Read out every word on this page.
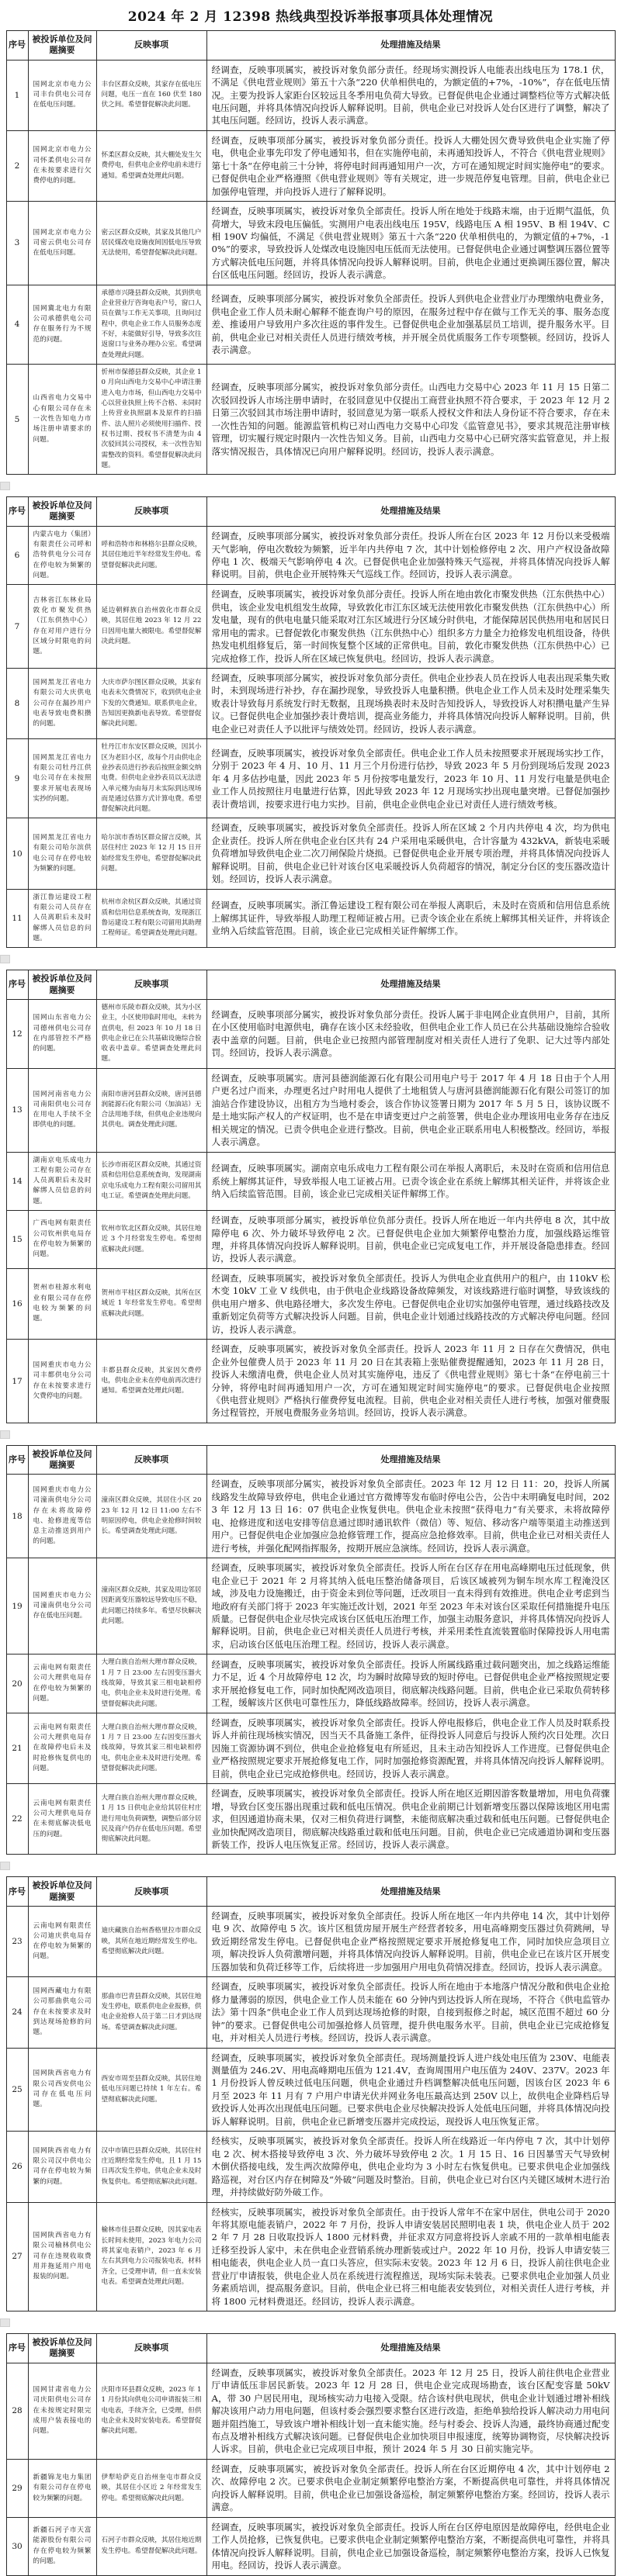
2024 年 2 月 12398 热线典型投诉举报事项具体处理情况
序号	被投诉单位及问题摘要	反映事项	处理措施及结果
1	国网北京市电力公司丰台供电公司存在低电压问题。	丰台区群众反映，其家存在低电压问题，电压一直在 160 伏至 180 伏之间。希望督促解决此问题。	经调查，反映事项属实，被投诉对象负部分责任。经现场实测投诉人电能表出线电压为 178.1 伏，不满足《供电营业规则》第五十六条“220 伏单相供电的，为额定值的+7%，-10%”，存在低电压情况。主要为投诉人家距台区较远且冬季用电负荷大导致。已督促供电企业通过调整档位等方式解决低电压问题，并将具体情况向投诉人解释说明。目前，供电企业已对投诉人处台区进行了调整，解决了其电压问题。经回访，投诉人表示满意。
2	国网北京市电力公司怀柔供电公司存在未按要求进行欠费停电的问题。	怀柔区群众反映，其大棚处发生欠费停电，但供电企业停电前未进行通知。希望调查处理此问题。	经调查，反映事项部分属实，被投诉对象负部分责任。投诉人大棚处因欠费导致供电企业实施了停电，供电企业事先印发了停电通知书，但在实施停电前，未再通知投诉人，不符合《供电营业规则》第七十条“在停电前三十分钟，将停电时间再通知用户一次，方可在通知规定时间实施停电”的要求。已督促供电企业严格遵照《供电营业规则》等有关规定，进一步规范停复电管理。目前，供电企业已加强停电管理，并向投诉人进行了解释说明。
3	国网北京市电力公司密云供电公司存在低电压问题。	密云区群众反映，其家及其他几户居民煤改电设施夜间因低电压导致无法使用，希望督促解决此问题。	经调查，反映事项属实，被投诉对象负全部责任。投诉人所在地处于线路末端，由于近期气温低，负荷增大，导致末段电压偏低。实测用户电表出线电压 195V，线路电压 A 相 195V、B 相 194V、C 相 190V 均偏低，不满足《供电营业规则》第五十六条“220 伏单相供电的，为额定值的+7%，-10%”的要求，导致投诉人处煤改电设施因电压低而无法使用。已督促供电企业通过调整调压器位置等方式解决低电压问题，并将具体情况向投诉人解释说明。目前，供电企业通过更换调压器位置，解决台区低电压问题。经回访，投诉人表示满意。
4	国网冀北电力有限公司承德供电公司存在服务行为不规范的问题。	承德市兴隆县群众反映，其到供电企业营业厅咨询电表户号，窗口人员在做与工作无关事项，且询问过程中，供电企业工作人员服务态度不好，未能做好引导，导致多次往返窗口与业务办理办公室。希望调查处理此问题。	经调查，反映事项部分属实，被投诉对象负全部责任。投诉人到供电企业营业厅办理缴纳电费业务，供电企业工作人员未耐心解释不能查询户号的原因，在服务过程中存在做与工作无关的事、服务态度差、推诿用户导致用户多次往返的事件发生。已督促供电企业加强基层员工培训，提升服务水平。目前，供电企业已对相关责任人员进行绩效考核，并开展全员优质服务工作专项整顿。经回访，投诉人表示满意。
5	山西省电力交易中心有限公司存在未一次性告知电力市场注册申请要求的问题。	忻州市保德县群众反映，其企业 10 月向山西电力交易中心申请注册进入电力市场，但山西电力交易中心以营业执照上传不合格、未同时上传营业执照副本及原件的扫描件、法人照片必须使用扫描件、授权书过期、授权书不清楚为由 4 次驳回其公司授权，未一次性告知需整改的资料。希望督促解决此问题。	经调查，反映事项部分属实，被投诉对象负部分责任。山西电力交易中心 2023 年 11 月 15 日第二次驳回投诉人市场注册申请时，在驳回意见中仅提出工商营业执照不符合要求，于 2023 年 12 月 2 日第三次驳回其市场注册申请时，驳回意见为第一联系人授权文件和法人身份证不符合要求，存在未一次性告知的问题。能源监管机构已对山西电力交易中心印发《监管意见书》，要求其规范注册审核管理，切实履行规定时限内一次性告知义务。目前，山西电力交易中心已研究落实监管意见，并上报落实情况报告，具体情况已向用户解释说明。经回访，投诉人表示满意。
序号	被投诉单位及问题摘要	反映事项	处理措施及结果
6	内蒙古电力（集团）有限责任公司呼和浩特供电分公司存在停电较为频繁的问题。	呼和浩特市和林格尔县群众反映，其居住地近半年经常发生停电。希望督促解决此问题。	经调查，反映事项部分属实，被投诉对象负部分责任。投诉人所在台区 2023 年 12 月份以来受极端天气影响，停电次数较为频繁，近半年内共停电 7 次，其中计划检修停电 2 次、用户产权设备故障停电 1 次、极端天气影响停电 4 次。已督促供电企业加强特殊天气巡视，并将具体情况向投诉人解释说明。目前，供电企业开展特殊天气巡线工作。经回访，投诉人表示满意。
7	吉林省江东林业局敦化市聚发供热（江东供热中心）存在对用户进行分区域分时限电的问题。	延边朝鲜族自治州敦化市群众反映，其居住地 2023 年 12 月 22 日因用电量大被限电。希望督促解决此问题。	经调查，反映事项属实，被投诉对象负部分责任。投诉人所在地由敦化市聚发供热（江东供热中心）供电，该企业发电机组发生故障，导致敦化市江东区域无法使用敦化市聚发供热（江东供热中心）所发电量，现有的供电电量只能采取对江东区域进行分区域分时供电，才能保障居民供热用电和居民日常用电的需求。已督促敦化市聚发供热（江东供热中心）组织多方力量全力抢修发电机组设备，待供热发电机组修复后，第一时间恢复整个区域的正常供电。目前，敦化市聚发供热（江东供热中心）已完成抢修工作，投诉人所在区域已恢复供电。经回访，投诉人表示满意。
8	国网黑龙江省电力有限公司大庆供电公司存在漏抄用户电表导致电费积攒的问题。	大庆市萨尔图区群众反映，其家有电表未欠费情况下，收到供电企业下发的欠费通知。联系供电企业，告知因更换新电表导致。希望督促解决此问题。	经调查，反映事项部分属实，被投诉对象负部分责任。供电企业抄表人员在投诉人电表出现采集失败时，未到现场进行补抄，存在漏抄现象，导致投诉人电量积攒。供电企业工作人员未及时处理采集失败表计导致每月系统发行时无数据，且现场换表时未及时告知投诉人，导致投诉人对积攒电量产生异议。已督促供电企业加强抄表计费培训，提高业务能力，并将具体情况向投诉人解释说明。目前，供电企业已对责任人予以批评与绩效处罚。经回访，投诉人表示满意。
9	国网黑龙江省电力有限公司牡丹江供电公司存在未按照要求开展电表现场实抄的问题。	牡丹江市东安区群众反映，因其小区为老旧小区，故每个月由供电企业抄表员进行抄表后按照金额交纳电费。但供电企业抄表员以无法进入单元楼为由每月未实际到达现场而是通过估算方式计算电费。希望督促解决此问题。	经调查，反映事项属实，被投诉对象负全部责任。供电企业工作人员未按照要求开展现场实抄工作，分别于 2023 年 4 月、10 月、11 月三个月份进行估抄，导致 2023 年 5 月份到现场后发现 2023 年 4 月多估抄电量，因此 2023 年 5 月份按零电量发行，2023 年 10 月、11 月发行电量是供电企业工作人员按照往月电量进行估算，因此导致 2023 年 12 月现场实抄出现电量突增。已督促加强抄表计费培训，按要求进行电力实抄。目前，供电企业供电企业已对责任人进行绩效考核。
10	国网黑龙江省电力有限公司哈尔滨供电公司存在停电较为频繁的问题。	哈尔滨市香坊区群众留言反映，其居住村庄 2023 年 12 月 15 日开始经常发生停电，希望督促解决此问题。	经调查，反映事项属实，被投诉对象负全部责任。投诉人所在区域 2 个月内共停电 4 次，均为供电企业责任。投诉人所在供电企业台区共有 24 户采用电采暖供电，合计容量为 432kVA，新装电采暖负荷增加导致供电企业二次刀闸保险片烧损。已督促供电企业开展专项治理，并将具体情况向投诉人解释说明。目前，供电企业已针对该台区电采暖投诉人负荷超容的情况，制定分台区的变压器改造计划。经回访，投诉人表示满意。
11	浙江鲁运建设工程有限公司人员存在人员离职后未及时解绑人员信息的问题。	杭州市余杭区群众反映，其通过资质和信用信息系统查询，发现浙江鲁运建设工程有限公司留用其助理工程师证。希望调查处理此问题。	经调查，反映事项属实。浙江鲁运建设工程有限公司在举报人离职后，未及时在资质和信用信息系统上解绑其证件，导致举报人助理工程师证被占用。已责令该企业在系统上解绑其相关证件，并将该企业纳入后续监管范围。目前，该企业已完成相关证件解绑工作。
序号	被投诉单位及问题摘要	反映事项	处理措施及结果
12	国网山东省电力公司德州供电公司存在内部管控不严格的问题。	德州市乐陵市群众反映，其为小区业主，小区使用临时用电，未转为直供电，但 2023 年 10 月 18 日供电企业已在公共基础设施综合验收表中盖章。希望调查处理此问题。	经调查，反映事项部分属实，被投诉对象负部分责任。投诉人属于非电网企业直供用户，目前，其所在小区使用临时电源供电，确存在该小区未经验收，但供电企业工作人员已在公共基础设施综合验收表中盖章的问题。目前，供电企业已按照内部管理制度对相关责任人进行了免职、记大过等内部处罚。经回访，投诉人表示满意。
13	国网河南省电力公司南阳供电公司存在用电人手续不全即供电的问题。	南阳市唐河县群众反映，唐河县德润能源石化有限公司（加油站）无合法用地手续，但供电企业违规向其供电。调查处理此问题。	经调查，反映事项属实。唐河县德润能源石化有限公司用电户号于 2017 年 4 月 18 日由于个人用户更名过户而来，办理更名过户时用电人提供了土地租赁人与唐河县德润能源石化有限公司签订的加油站合作建设协议，出租方为当地村委会，该合作协议签署日期为 2017 年 5 月 5 日，该协议既不是土地实际产权人的产权证明，也不是在申请变更过户之前签署，供电企业办理该用电业务存在违反相关规定的情况。已责令供电企业进行整改。目前，供电企业正联系用电人积极整改。经回访，举报人表示满意。
14	湖南京电乐成电力工程有限公司存在人员离职后未及时解绑人员信息的问题。	长沙市雨花区群众反映，其通过资质和信用信息系统查询，发现湖南京电乐成电力工程有限公司留用其电工证。希望调查处理此问题。	经调查，反映事项属实。湖南京电乐成电力工程有限公司在举报人离职后，未及时在资质和信用信息系统上解绑其证件，导致举报人电工证被占用。已责令该企业在系统上解绑其相关证件，并将该企业纳入后续监管范围。目前，该企业已完成相关证件解绑工作。
15	广西电网有限责任公司钦州供电局存在停电较为频繁的问题。	钦州市钦北区群众反映，其居住地近 3 个月经常发生停电。希望彻底解决此问题。	经调查，反映事项部分属实，被投诉单位负部分责任。投诉人所在地近一年内共停电 8 次，其中故障停电 6 次、外力破坏导致停电 2 次。已督促供电企业加大频繁停电整治力度，加强线路运维管理，并将具体情况向投诉人解释说明。目前，供电企业已完成复电工作，并开展设备隐患排查。经回访，投诉人表示满意。
16	贺州市桂源水利电业有限公司存在停电较为频繁的问题。	贺州市平桂区群众反映，其所在区域近 1 年经常发生停电。希望彻底解决此问题。	经调查，反映事项属实，被投诉对象负全部责任。投诉人为供电企业直供用户的租户，由 110kV 松木变 10kV 工业 V 线供电，由于供电企业线路设备故障频发，对该线路进行临时调整，导致该线的供电用户增多、供电路径增大，多次发生停电。已督促供电企业切实加强停电管理，通过线路技改及重新划定负荷等方式解决投诉人问题。目前，供电企业计划通过线路技改的方式解决停电问题。经回访，投诉人表示满意。
17	国网重庆市电力公司丰都供电分公司存在未按要求进行欠费停电的问题。	丰都县群众反映，其家因欠费停电，供电企业未在停电前再次进行通知。希望调查处理此问题。	经调查，反映事项属实，被投诉对象负全部责任。投诉人 2023 年 11 月 2 日存在欠费情况，供电企业外包催费人员于 2023 年 11 月 20 日在其表箱上张贴催费提醒通知，2023 年 11 月 28 日，投诉人未缴清电费，供电企业人员对其实施停电，违反了《供电营业规则》第七十条“在停电前三十分钟，将停电时间再通知用户一次，方可在通知规定时间实施停电”的要求。已督促供电企业按照《供电营业规则》严格执行催费停复电流程。目前，供电企业对相关责任人进行考核，加强对催费服务过程管控，开展电费服务业务培训。经回访，投诉人表示满意。
序号	被投诉单位及问题摘要	反映事项	处理措施及结果
18	国网重庆市电力公司潼南供电分公司存在未将故障停电、抢修进度等信息主动推送到用户的问题。	潼南区群众反映，其居住小区 2023 年 12 月 12 日 11:00 左右不明原因停电，供电企业抢修时间较长。希望调查处理此问题。	经调查，反映事项部分属实，被投诉对象负全部责任。2023 年 12 月 12 日 11：20，投诉人所属线路发生故障导致停电，供电企业通过官方微博等发布临时停电公告，公告中未明确复电时间，2023 年 12 月 13 日 16：07 供电企业恢复供电。供电企业未按照“获得电力”有关要求，未将故障停电、抢修进度和送电安排等信息通过即时通讯软件（微信）等、短信、移动客户端等渠道主动推送到用户。已督促供电企业加强应急抢修管理工作，提高应急抢修效率。目前，供电企业已对相关责任人进行考核，并强化配网指挥服务，按期开展应急演练。经回访，投诉人表示满意。
19	国网重庆市电力公司潼南供电分公司存在低电压问题。	潼南区群众反映，其家及周边邻居因距离变压器较远导致电压不稳，此问题已持续多年。希望尽快解决此问题。	经调查，反映事项属实，被投诉对象负全部责任。投诉人所在台区存在用电高峰期电压过低现象，供电企业已于 2021 年 2 月将其纳入低电压整治储备项目，后该区域被列为铜车坝水库工程淹没区域，涉及电力设施搬迁，由于资金未到位等问题，迁改项目一直未得到有效推进。供电企业考虑到当地政府有关部门将于 2023 年实施迁改计划，2021 年至 2023 年未对该台区采取任何措施提升电压质量。已督促供电企业尽快完成该台区低电压治理工作，加强主动服务意识，并将具体情况向投诉人解释说明。目前，供电企业已对相关责任人员进行考核，并采用柔性直流装置临时保障投诉人用电需求，启动该台区低电压治理工程。经回访，投诉人表示满意。
20	云南电网有限责任公司大理供电局存在停电较为频繁的问题。	大理白族自治州大理市群众反映，1 月 7 日 23:00 左右因变压器火线故障，导致其家三相电缺相停电，供电企业未及时进行处理。希望督促解决此问题。	经调查，反映事项属实，被投诉对象负全部责任。投诉人所属线路重过载问题突出，加之线路运维能力不足，近 4 个月故障停电 12 次，均为瞬时故障导致的短时停电。已督促供电企业严格按照规定要求开展抢修复电工作，同时加快配网改造项目，彻底解决线路问题。目前，供电企业已采取负荷转移工程，缓解该片区供电可靠性压力，降低线路故障率。经回访，投诉人表示满意。
21	云南电网有限责任公司大理供电局存在故障停电后未及时抢修恢复供电的问题。	大理白族自治州大理市群众反映，1 月 7 日 23:00 左右因变压器火线故障，导致其家三相电缺相停电，供电企业未及时进行处理。希望督促解决此问题。	经调查，反映事项属实，被投诉对象负全部责任。投诉人停电报修后，供电企业工作人员及时联系投诉人并前往现场核实情况，因当天不具备施工条件，征得投诉人同意后与投诉人预约次日处理。次日因施工资源协调不到位，供电企业抢修复电有所延迟，且未主动告知投诉人工作进度。已督促供电企业严格按照规定要求开展抢修复电工作，同时加强抢修资源配置，并将具体情况向投诉人解释说明。目前，供电企业已完成抢修供电。经回访，投诉人表示满意。
22	云南电网有限责任公司大理供电局存在未彻底解决低电压的问题。	大理白族自治州大理市群众反映，1 月 15 日供电企业给其居住村庄进行用电负荷调整，调整后部分居民及商户仍存在低电压问题。希望彻底解决此问题。	经调查，反映事项属实，被投诉对象负全部责任。投诉人所在地区近期因游客数量增加，用电负荷骤增，导致台区变压器出现重过载和低电压情况。供电企业前期已计划新增变压器以保障该地区用电需求，但因通道协商未果，仅对三相负荷进行调整，未能彻底解决重过载和低电压问题。已督促供电企业加快配网改造项目，彻底解决线路重过载和低电压问题。目前，供电企业已完成通道协调和变压器新装工作，投诉人电压恢复正常。经回访，投诉人表示满意。
序号	被投诉单位及问题摘要	反映事项	处理措施及结果
23	云南电网有限责任公司迪庆供电局存在停电较为频繁的问题。	迪庆藏族自治州香格里拉市群众反映，其所在地近期经常发生停电。希望彻底解决此问题。	经调查，反映事项属实，被投诉对象负全部责任。投诉人所在地区一年内共停电 14 次，其中计划停电 9 次、故障停电 5 次。该片区租赁房屋开展生产经营者较多，用电高峰期变压器过负荷跳闸，导致近期经常发生停电。已督促供电企业严格按照规定要求开展抢修复电工作，同时加快应急项目立项，解决投诉人负荷激增问题，并将具体情况向投诉人解释说明。目前，供电企业已在该片区开展变压器加装和负荷迁移等工作，后续将进一步加强用户用电负荷情况排查。经回访，投诉人表示满意。
24	国网西藏电力有限公司那曲供电公司存在未按要求及时到达现场抢修的问题。	那曲市巴青县群众反映，其居住地发生停电，联系供电企业报修，供电企业抢修人员于第二日才到达现场。希望调查解决此问题。	经调查，反映事项属实，被投诉对象负全部责任。投诉人所在地由于本地落户情况分散和供电企业抢修力量薄弱的原因，供电企业工作人员未能在 60 分钟内到达投诉人所在现场，不符合《供电监管办法》第十四条“供电企业工作人员到达现场抢修的时限，自接到报修之时起，城区范围不超过 60 分钟”的要求。已督促供电公司加强抢修人员管理，提升供电服务水平。目前，供电企业已完成抢修复电，并对相关人员进行考核。经回访，投诉人表示满意。
25	国网陕西省电力有限公司西安供电公司存在低电压问题。	西安市周至县群众反映，其居住地低电压问题已持续 1 年左右。希望彻底解决此问题。	经调查，反映事项属实，被投诉对象负全部责任。现场测量投诉人进户线处电压值为 230V、电能表测量值为 246.2V、用电高峰期电压值为 121.4V，查询周围用户电压值为 240V、237V。2023 年 1 月份投诉人曾反映过低电压问题，供电企业通过升档调整解决低电压问题，因该台区 2023 年 6 月至 2023 年 11 月有 7 户用户申请光伏并网业务电压最高达到 250V 以上，故供电企业降档后导致投诉人处再次出现低电压问题。已要求供电企业尽快解决投诉人处低电压问题，并将具体情况向投诉人解释说明。目前，供电企业已新增变压器并完成投运，现投诉人电压恢复正常。
26	国网陕西省电力有限公司汉中供电公司存在停电较为频繁的问题。	汉中市镇巴县群众反映，其居住村庄近期经常发生停电，且 1 月 15 日再次发生停电，供电企业未及时恢复供电。希望彻底解决此问题。	经核实，反映事项属实，被投诉对象负全部责任。投诉人所在线路近一年内停电 7 次，其中计划停电 2 次、树木搭接导致停电 3 次、外力破坏导致停电 2 次。1 月 15 日、16 日因暴雪天气导致树木倒伏搭接电线，发生两次故障停电，供电企业均为 3 小时左右恢复供电。已要求供电企业加强线路巡视，对台区内存在树障及“外破”问题及时整治。目前，供电企业已对台区内关键区域树木进行治理，并持续做好防外破工作。
27	国网陕西省电力有限公司榆林供电公司存在违规收取费用并拖延用户用电报装的问题。	榆林市佳县群众反映，因其家电表长时间未使用，2023 年电力公司将其家电表销户，2023 年 6 月左右其到电力公司报装电表，材料齐全，已受理申请，但一直未安装电表。希望调查处理此问题。	经核实，反映事项属实，被投诉对象负全部责任。由于投诉人常年不在家中居住，供电公司于 2020 年将其原电能表销户，2022 年 7 月份，投诉人申请安装居民照明电表 1 块，供电企业人员于 2022 年 7 月 28 日收取投诉人 1800 元材料费，并征求双方同意将投诉人亲戚不用的一款单相电能表迁移至投诉人家中，未在供电企业营销系统办理新装或过户。2022 年 10 月份，投诉人申请安装三相电能表，供电企业人员一直口头答应，但实际未安装。2023 年 12 月 6 日，投诉人前往供电企业营业厅申请报装，供电企业人员在系统进行流程推送，现场实际未装表。已要求供电企业加强人员业务素质培训，提高服务意识。目前，供电企业已将三相电能表安装到位，对相关责任人进行考核，并将 1800 元材料费退还。经回访，投诉人表示满意。
序号	被投诉单位及问题摘要	反映事项	处理措施及结果
28	国网甘肃省电力公司庆阳供电公司存在未按规定时限完成用户装表接电的问题。	庆阳市环县群众反映，2023 年 11 月份其向供电公司申请报装三相电电表，手续齐全，已受理，但供电企业未及时安装电表。希望督促解决此问题。	经调查，反映事项属实，被投诉对象负全部责任。2023 年 12 月 25 日，投诉人前往供电企业营业厅申请低压非居民新装。2023 年 12 月 28 日，供电企业完成现场勘查，该台区配变容量 50kVA，带 30 户居民用电，现场核实动力电接入受限。结合该村供电现状，供电企业计划通过增补相线解决该用户动力用电问题，但该村委会强烈要求整台区进行改造，拒绝单独给投诉人解决动力用电问题并阻挡施工，导致该户增补相线计划一直未能实施。经与村委会、投诉人沟通，最终协商通过配变布点及增补相线方式解决该问题。已督促供电企业加快项目申报速度，统筹协调物资，尽快解决投诉人诉求。目前，供电企业已完成项目申报，预计 2024 年 5 月 30 日前实施完毕。
29	新疆锦龙电力集团有限公司存在停电较为频繁的问题。	伊犁哈萨克自治州奎屯市群众反映，其居住小区近 2 年经常发生停电。希望彻底解决此问题。	经调查，反映事项属实，被投诉对象负全部责任。投诉人所在台区近期停电 4 次，其中计划停电 2 次、故障停电 2 次。已要求供电企业制定频繁停电整治方案，不断提高供电可靠性，并将具体情况向投诉人解释说明。目前，供电企业已加强设备巡检，制定频繁停电整治方案。经回访，投诉人表示满意。
30	新疆石河子市天富能源股份有限公司存在停电较为频繁的问题。	石河子市群众反映，其居住地近期发生停电。希望督促解决此问题。	经调查，反映事项属实，被投诉对象负全部责任。投诉人所在台区停电原因是故障停电，经供电企业工作人员抢修，已恢复供电。已要求供电企业制定频繁停电整治方案，不断提高供电可靠性，并将具体情况向投诉人解释说明。目前，供电企业已加强设备巡检，制定频繁停电整治方案，投诉人已恢复用电。经回访，投诉人表示满意。
